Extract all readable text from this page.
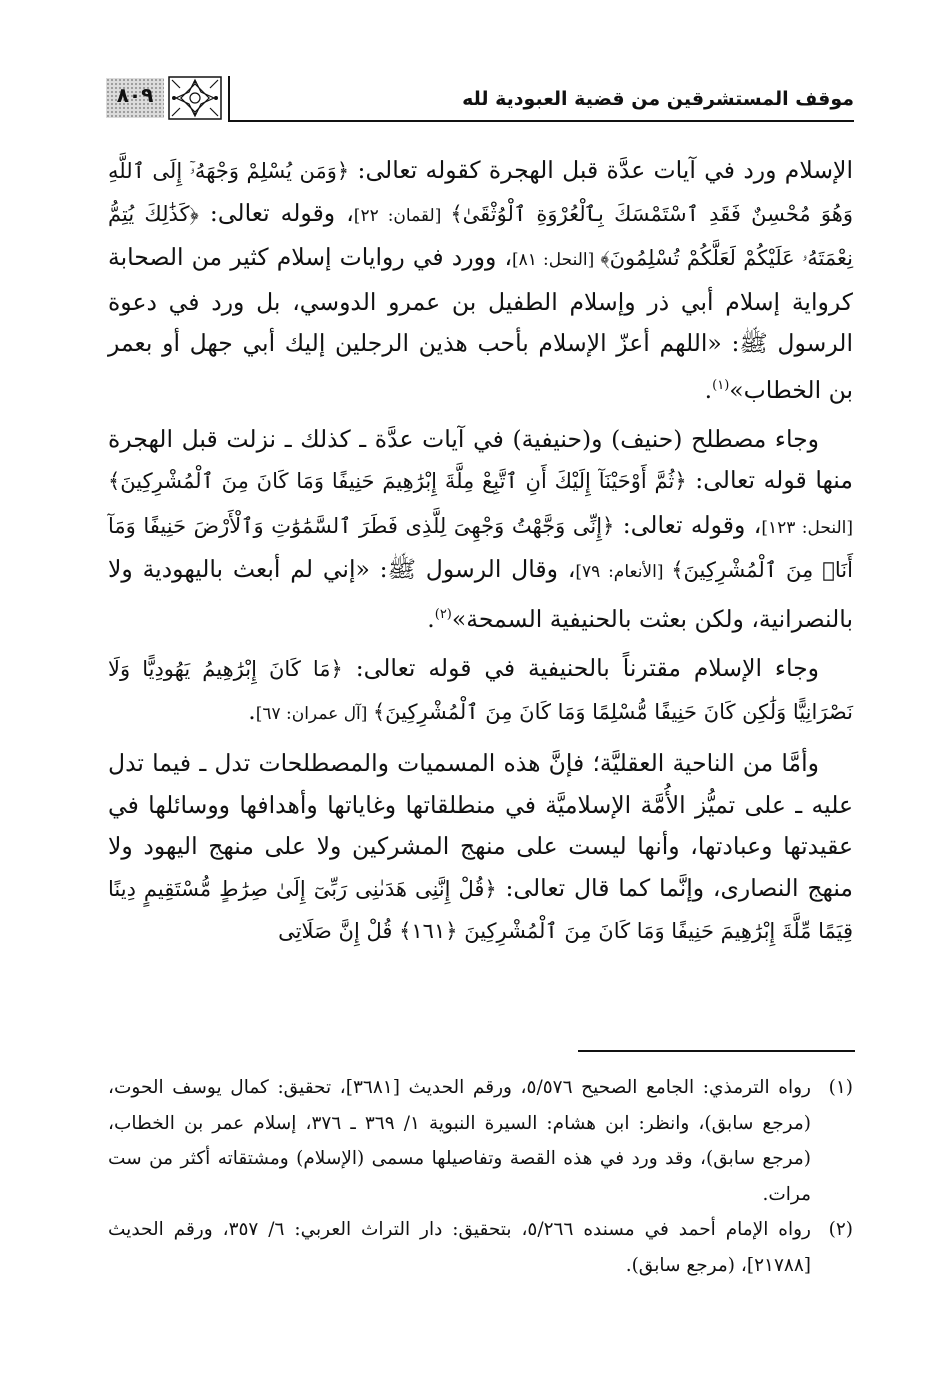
٨٠٩	موقف المستشرقين من قضية العبودية لله

الإسلام ورد في آيات عدَّة قبل الهجرة كقوله تعالى: ﴿وَمَن يُسْلِمْ وَجْهَهُۥٓ إِلَى ٱللَّهِ وَهُوَ مُحْسِنٌ فَقَدِ ٱسْتَمْسَكَ بِٱلْعُرْوَةِ ٱلْوُثْقَىٰ﴾ [لقمان: ٢٢]، وقوله تعالى: ﴿كَذَٰلِكَ يُتِمُّ نِعْمَتَهُۥ عَلَيْكُمْ لَعَلَّكُمْ تُسْلِمُونَ﴾ [النحل: ٨١]، وورد في روايات إسلام كثير من الصحابة كرواية إسلام أبي ذر وإسلام الطفيل بن عمرو الدوسي، بل ورد في دعوة الرسول ﷺ: «اللهم أعزّ الإسلام بأحب هذين الرجلين إليك أبي جهل أو بعمر بن الخطاب»$^{(١)}$.

وجاء مصطلح (حنيف) و(حنيفية) في آيات عدَّة ـ كذلك ـ نزلت قبل الهجرة منها قوله تعالى: ﴿ثُمَّ أَوْحَيْنَآ إِلَيْكَ أَنِ ٱتَّبِعْ مِلَّةَ إِبْرَٰهِيمَ حَنِيفًا وَمَا كَانَ مِنَ ٱلْمُشْرِكِينَ﴾ [النحل: ١٢٣]، وقوله تعالى: ﴿إِنِّى وَجَّهْتُ وَجْهِىَ لِلَّذِى فَطَرَ ٱلسَّمَٰوَٰتِ وَٱلْأَرْضَ حَنِيفًا وَمَآ أَنَا۠ مِنَ ٱلْمُشْرِكِينَ﴾ [الأنعام: ٧٩]، وقال الرسول ﷺ: «إني لم أبعث باليهودية ولا بالنصرانية، ولكن بعثت بالحنيفية السمحة»$^{(٢)}$.

وجاء الإسلام مقترناً بالحنيفية في قوله تعالى: ﴿مَا كَانَ إِبْرَٰهِيمُ يَهُودِيًّا وَلَا نَصْرَانِيًّا وَلَٰكِن كَانَ حَنِيفًا مُّسْلِمًا وَمَا كَانَ مِنَ ٱلْمُشْرِكِينَ﴾ [آل عمران: ٦٧].

وأمَّا من الناحية العقليَّة؛ فإنَّ هذه المسميات والمصطلحات تدل ـ فيما تدل عليه ـ على تميُّز الأُمَّة الإسلاميَّة في منطلقاتها وغاياتها وأهدافها ووسائلها في عقيدتها وعبادتها، وأنها ليست على منهج المشركين ولا على منهج اليهود ولا منهج النصارى، وإنَّما كما قال تعالى: ﴿قُلْ إِنَّنِى هَدَىٰنِى رَبِّىٓ إِلَىٰ صِرَٰطٍ مُّسْتَقِيمٍ دِينًا قِيَمًا مِّلَّةَ إِبْرَٰهِيمَ حَنِيفًا وَمَا كَانَ مِنَ ٱلْمُشْرِكِينَ ﴿١٦١﴾ قُلْ إِنَّ صَلَاتِى

(١)
رواه الترمذي: الجامع الصحيح ٥/٥٧٦، ورقم الحديث [٣٦٨١]، تحقيق: كمال يوسف الحوت، (مرجع سابق)، وانظر: ابن هشام: السيرة النبوية ١/ ٣٦٩ ـ ٣٧٦، إسلام عمر بن الخطاب، (مرجع سابق)، وقد ورد في هذه القصة وتفاصيلها مسمى (الإسلام) ومشتقاته أكثر من ست مرات.
(٢)
رواه الإمام أحمد في مسنده ٥/٢٦٦، بتحقيق: دار التراث العربي: ٦/ ٣٥٧، ورقم الحديث [٢١٧٨٨]، (مرجع سابق).
